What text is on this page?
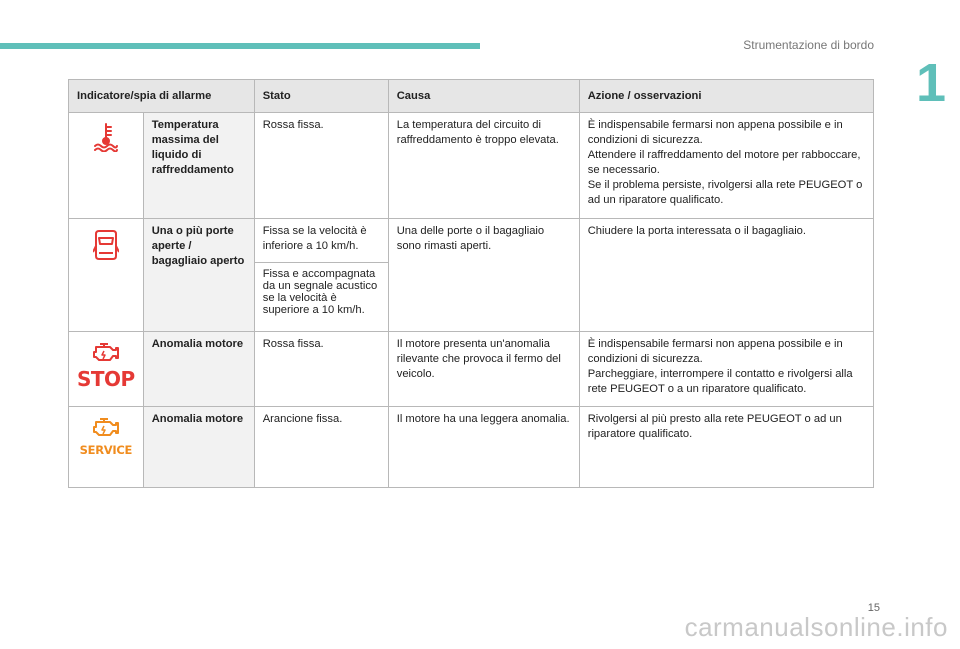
Strumentazione di bordo
1
Indicatore/spia di allarme		Stato	Causa	Azione / osservazioni

	Temperatura massima del liquido di raffreddamento	Rossa fissa.	La temperatura del circuito di raffreddamento è troppo elevata.	È indispensabile fermarsi non appena possibile e in condizioni di sicurezza.
Attendere il raffreddamento del motore per rabboccare, se necessario.
Se il problema persiste, rivolgersi alla rete PEUGEOT o ad un riparatore qualificato.

	Una o più porte aperte / bagagliaio aperto	Fissa se la velocità è inferiore a 10 km/h.	Una delle porte o il bagagliaio sono rimasti aperti.	Chiudere la porta interessata o il bagagliaio.

		Fissa e accompagnata da un segnale acustico se la velocità è superiore a 10 km/h.		

STOP	Anomalia motore	Rossa fissa.	Il motore presenta un'anomalia rilevante che provoca il fermo del veicolo.	È indispensabile fermarsi non appena possibile e in condizioni di sicurezza.
Parcheggiare, interrompere il contatto e rivolgersi alla rete PEUGEOT o a un riparatore qualificato.

SERVICE	Anomalia motore	Arancione fissa.	Il motore ha una leggera anomalia.	Rivolgersi al più presto alla rete PEUGEOT o ad un riparatore qualificato.
15
carmanualsonline.info
